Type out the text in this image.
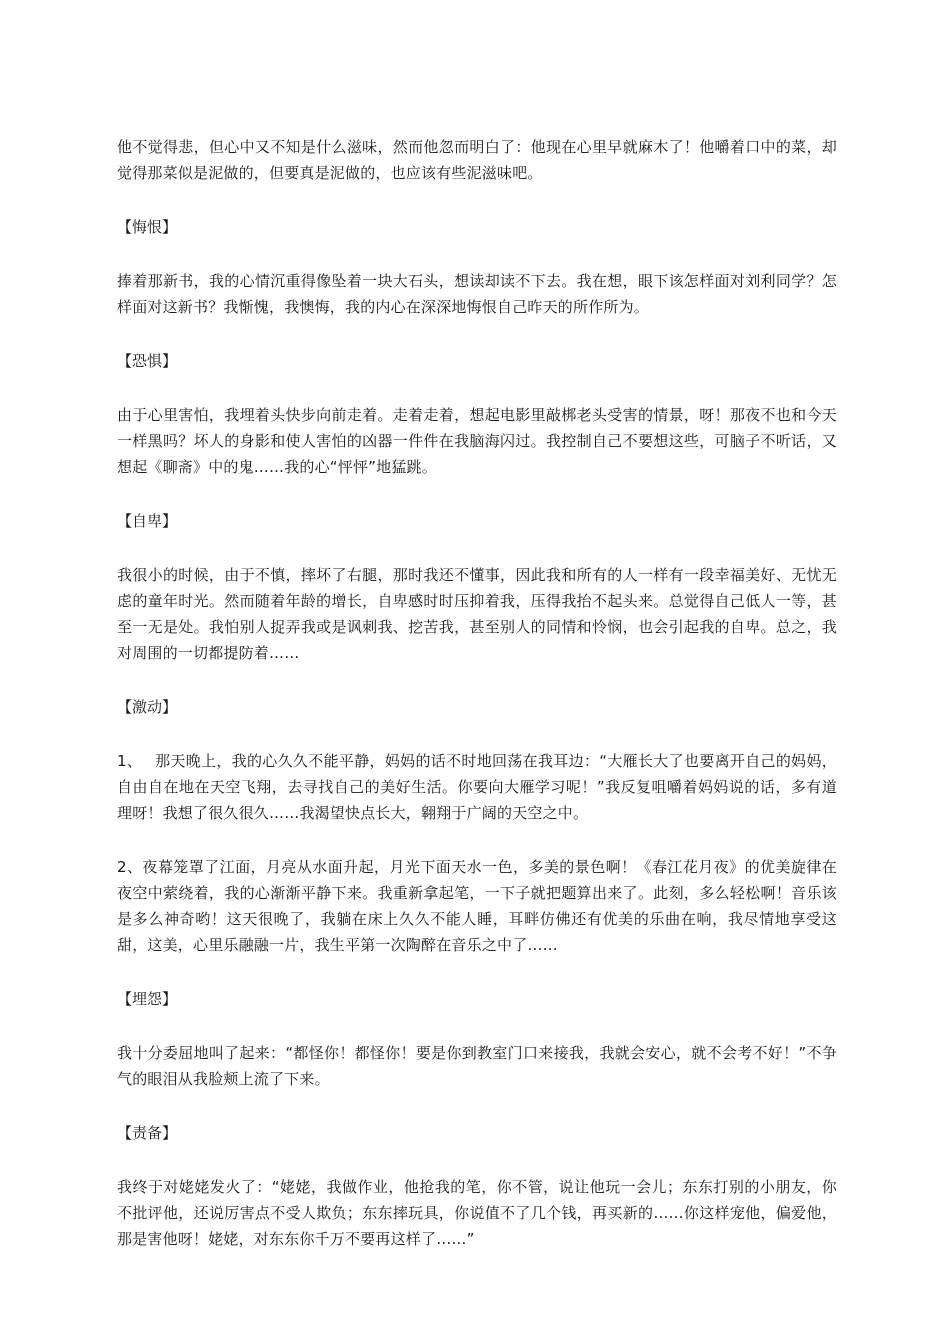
他不觉得悲，但心中又不知是什么滋味，然而他忽而明白了：他现在心里早就麻木了！他嚼着口中的菜，却觉得那菜似是泥做的，但要真是泥做的，也应该有些泥滋味吧。

【悔恨】

捧着那新书，我的心情沉重得像坠着一块大石头，想读却读不下去。我在想，眼下该怎样面对刘利同学？怎样面对这新书？我惭愧，我懊悔，我的内心在深深地悔恨自己昨天的所作所为。

【恐惧】

由于心里害怕，我埋着头快步向前走着。走着走着，想起电影里敲梆老头受害的情景，呀！那夜不也和今天一样黑吗？坏人的身影和使人害怕的凶器一件件在我脑海闪过。我控制自己不要想这些，可脑子不听话，又想起《聊斋》中的鬼……我的心“怦怦”地猛跳。

【自卑】

我很小的时候，由于不慎，摔坏了右腿，那时我还不懂事，因此我和所有的人一样有一段幸福美好、无忧无虑的童年时光。然而随着年龄的增长，自卑感时时压抑着我，压得我抬不起头来。总觉得自己低人一等，甚至一无是处。我怕别人捉弄我或是讽刺我、挖苦我，甚至别人的同情和怜悯，也会引起我的自卑。总之，我对周围的一切都提防着……

【激动】

1、　 那天晚上，我的心久久不能平静，妈妈的话不时地回荡在我耳边：“大雁长大了也要离开自己的妈妈，自由自在地在天空飞翔，去寻找自己的美好生活。你要向大雁学习呢！”我反复咀嚼着妈妈说的话，多有道理呀！我想了很久很久……我渴望快点长大，翱翔于广阔的天空之中。

2、夜幕笼罩了江面，月亮从水面升起，月光下面天水一色，多美的景色啊！《春江花月夜》的优美旋律在夜空中萦绕着，我的心渐渐平静下来。我重新拿起笔，一下子就把题算出来了。此刻，多么轻松啊！音乐该是多么神奇哟！这天很晚了，我躺在床上久久不能人睡，耳畔仿佛还有优美的乐曲在响，我尽情地享受这甜，这美，心里乐融融一片，我生平第一次陶醉在音乐之中了……

【埋怨】

我十分委屈地叫了起来：“都怪你！都怪你！要是你到教室门口来接我，我就会安心，就不会考不好！”不争气的眼泪从我脸颊上流了下来。

【责备】

我终于对姥姥发火了：“姥姥，我做作业，他抢我的笔，你不管，说让他玩一会儿；东东打别的小朋友，你不批评他，还说厉害点不受人欺负；东东摔玩具，你说值不了几个钱，再买新的……你这样宠他，偏爱他，那是害他呀！姥姥，对东东你千万不要再这样了……”
